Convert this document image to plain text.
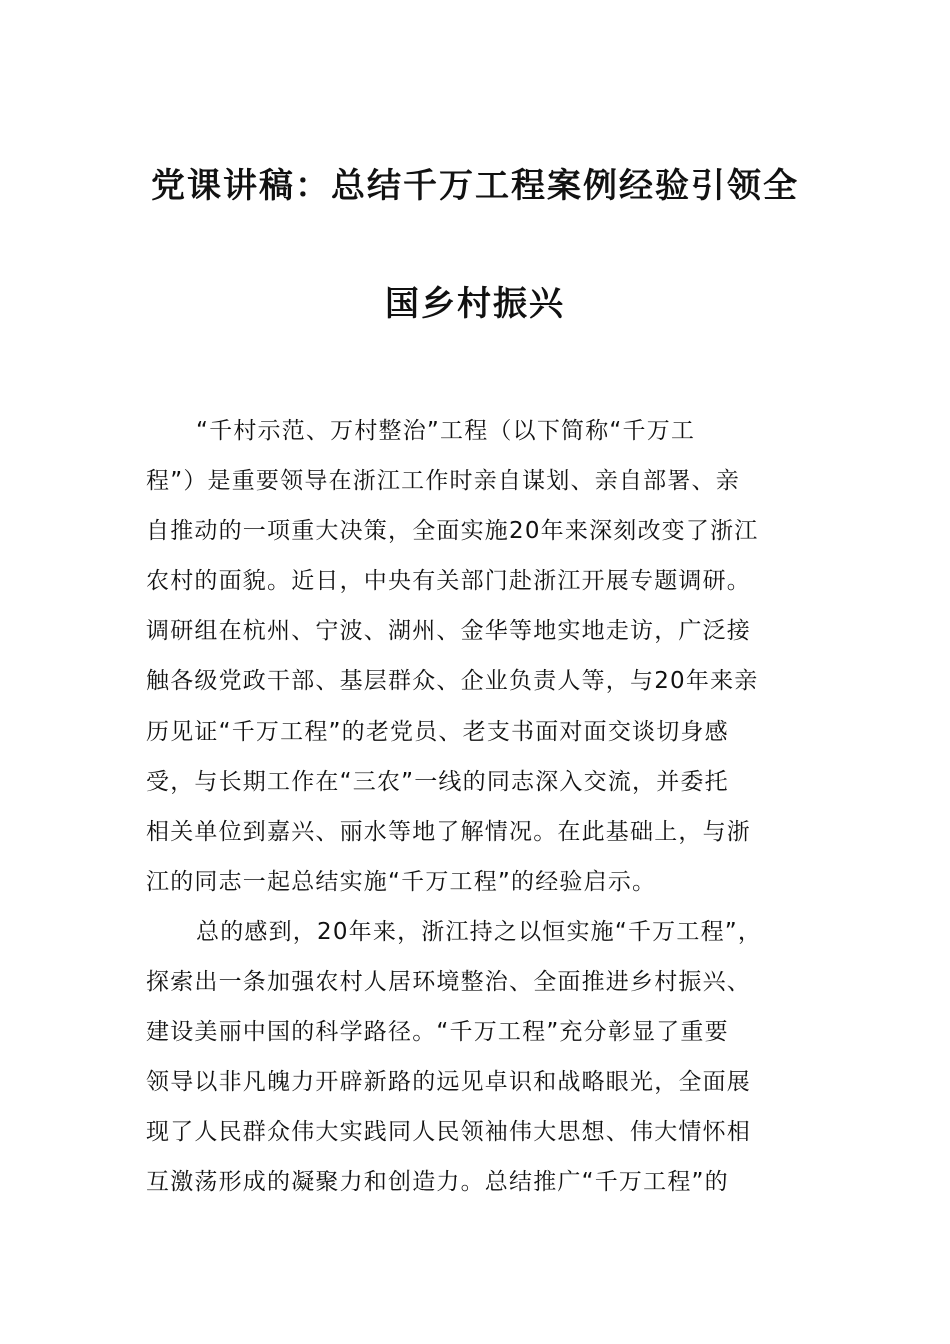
党课讲稿：总结千万工程案例经验引领全
国乡村振兴
“千村示范、万村整治”工程（以下简称“千万工
程”）是重要领导在浙江工作时亲自谋划、亲自部署、亲
自推动的一项重大决策，全面实施20年来深刻改变了浙江
农村的面貌。近日，中央有关部门赴浙江开展专题调研。
调研组在杭州、宁波、湖州、金华等地实地走访，广泛接
触各级党政干部、基层群众、企业负责人等，与20年来亲
历见证“千万工程”的老党员、老支书面对面交谈切身感
受，与长期工作在“三农”一线的同志深入交流，并委托
相关单位到嘉兴、丽水等地了解情况。在此基础上，与浙
江的同志一起总结实施“千万工程”的经验启示。
总的感到，20年来，浙江持之以恒实施“千万工程”，
探索出一条加强农村人居环境整治、全面推进乡村振兴、
建设美丽中国的科学路径。“千万工程”充分彰显了重要
领导以非凡魄力开辟新路的远见卓识和战略眼光，全面展
现了人民群众伟大实践同人民领袖伟大思想、伟大情怀相
互激荡形成的凝聚力和创造力。总结推广“千万工程”的
